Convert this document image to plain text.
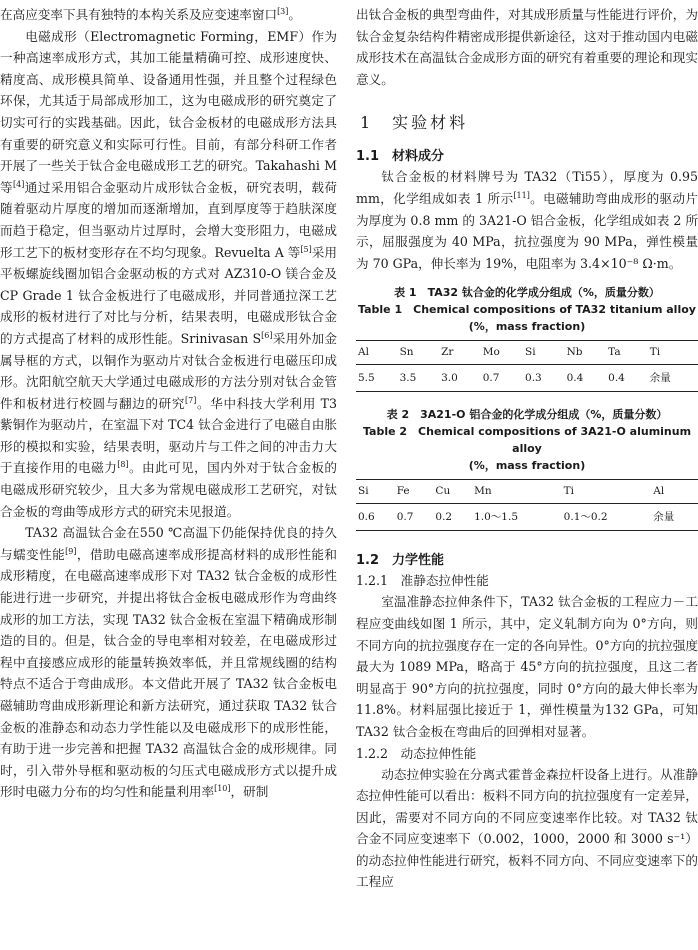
在高应变率下具有独特的本构关系及应变速率窗口[3]。

电磁成形（Electromagnetic Forming，EMF）作为一种高速率成形方式，其加工能量精确可控、成形速度快、精度高、成形模具简单、设备通用性强，并且整个过程绿色环保，尤其适于局部成形加工，这为电磁成形的研究奠定了切实可行的实践基础。因此，钛合金板材的电磁成形方法具有重要的研究意义和实际可行性。目前，有部分科研工作者开展了一些关于钛合金电磁成形工艺的研究。Takahashi M 等[4]通过采用铝合金驱动片成形钛合金板，研究表明，载荷随着驱动片厚度的增加而逐渐增加，直到厚度等于趋肤深度而趋于稳定，但当驱动片过厚时，会增大变形阻力，电磁成形工艺下的板材变形存在不均匀现象。Revuelta A 等[5]采用平板螺旋线圈加铝合金驱动板的方式对 AZ310-O 镁合金及 CP Grade 1 钛合金板进行了电磁成形，并同普通拉深工艺成形的板材进行了对比与分析，结果表明，电磁成形钛合金的方式提高了材料的成形性能。Srinivasan S[6]采用外加金属导框的方式，以铜作为驱动片对钛合金板进行电磁压印成形。沈阳航空航天大学通过电磁成形的方法分别对钛合金管件和板材进行校圆与翻边的研究[7]。华中科技大学利用 T3 紫铜作为驱动片，在室温下对 TC4 钛合金进行了电磁自由胀形的模拟和实验，结果表明，驱动片与工件之间的冲击力大于直接作用的电磁力[8]。由此可见，国内外对于钛合金板的电磁成形研究较少，且大多为常规电磁成形工艺研究，对钛合金板的弯曲等成形方式的研究未见报道。

TA32 高温钛合金在550 ℃高温下仍能保持优良的持久与蠕变性能[9]，借助电磁高速率成形提高材料的成形性能和成形精度，在电磁高速率成形下对 TA32 钛合金板的成形性能进行进一步研究，并提出将钛合金板电磁成形作为弯曲终成形的加工方法，实现 TA32 钛合金板在室温下精确成形制造的目的。但是，钛合金的导电率相对较差，在电磁成形过程中直接感应成形的能量转换效率低，并且常规线圈的结构特点不适合于弯曲成形。本文借此开展了 TA32 钛合金板电磁辅助弯曲成形新理论和新方法研究，通过获取 TA32 钛合金板的准静态和动态力学性能以及电磁成形下的成形性能，有助于进一步完善和把握 TA32 高温钛合金的成形规律。同时，引入带外导框和驱动板的匀压式电磁成形方式以提升成形时电磁力分布的均匀性和能量利用率[10]，研制

出钛合金板的典型弯曲件，对其成形质量与性能进行评价，为钛合金复杂结构件精密成形提供新途径，这对于推动国内电磁成形技术在高温钛合金成形方面的研究有着重要的理论和现实意义。

1　实验材料
1.1　材料成分

钛合金板的材料牌号为 TA32（Ti55），厚度为 0.95 mm，化学组成如表 1 所示[11]。电磁辅助弯曲成形的驱动片为厚度为 0.8 mm 的 3A21-O 铝合金板，化学组成如表 2 所示，屈服强度为 40 MPa，抗拉强度为 90 MPa，弹性模量为 70 GPa，伸长率为 19%，电阻率为 3.4×10⁻⁸ Ω·m。

表 1　TA32 钛合金的化学成分组成（%，质量分数）
Table 1　Chemical compositions of TA32 titanium alloy
(%，mass fraction)
Al	Sn	Zr	Mo	Si	Nb	Ta	Ti
5.5	3.5	3.0	0.7	0.3	0.4	0.4	余量
表 2　3A21-O 铝合金的化学成分组成（%，质量分数）
Table 2　Chemical compositions of 3A21-O aluminum alloy
(%，mass fraction)
Si	Fe	Cu	Mn	Ti	Al
0.6	0.7	0.2	1.0～1.5	0.1～0.2	余量
1.2　力学性能
1.2.1　准静态拉伸性能

室温准静态拉伸条件下，TA32 钛合金板的工程应力－工程应变曲线如图 1 所示，其中，定义轧制方向为 0°方向，则不同方向的抗拉强度存在一定的各向异性。0°方向的抗拉强度最大为 1089 MPa，略高于 45°方向的抗拉强度，且这二者明显高于 90°方向的抗拉强度，同时 0°方向的最大伸长率为 11.8%。材料屈强比接近于 1，弹性模量为132 GPa，可知 TA32 钛合金板在弯曲后的回弹相对显著。

1.2.2　动态拉伸性能

动态拉伸实验在分离式霍普金森拉杆设备上进行。从准静态拉伸性能可以看出：板料不同方向的抗拉强度有一定差异，因此，需要对不同方向的不同应变速率作比较。对 TA32 钛合金不同应变速率下（0.002，1000，2000 和 3000 s⁻¹）的动态拉伸性能进行研究，板料不同方向、不同应变速率下的工程应
